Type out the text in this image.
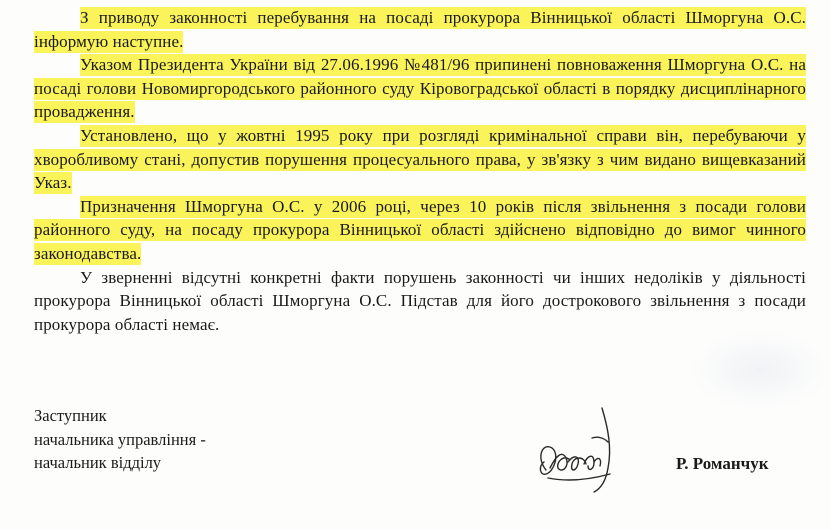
З приводу законності перебування на посаді прокурора Вінницької області Шморгуна О.С. інформую наступне.

Указом Президента України від 27.06.1996 №481/96 припинені повноваження Шморгуна О.С. на посаді голови Новомиргородського районного суду Кіровоградської області в порядку дисциплінарного провадження.

Установлено, що у жовтні 1995 року при розгляді кримінальної справи він, перебуваючи у хворобливому стані, допустив порушення процесуального права, у зв'язку з чим видано вищевказаний Указ.

Призначення Шморгуна О.С. у 2006 році, через 10 років після звільнення з посади голови районного суду, на посаду прокурора Вінницької області здійснено відповідно до вимог чинного законодавства.

У зверненні відсутні конкретні факти порушень законності чи інших недоліків у діяльності прокурора Вінницької області Шморгуна О.С. Підстав для його дострокового звільнення з посади прокурора області немає.

Заступник
начальника управління -
начальник відділу	Р. Романчук
